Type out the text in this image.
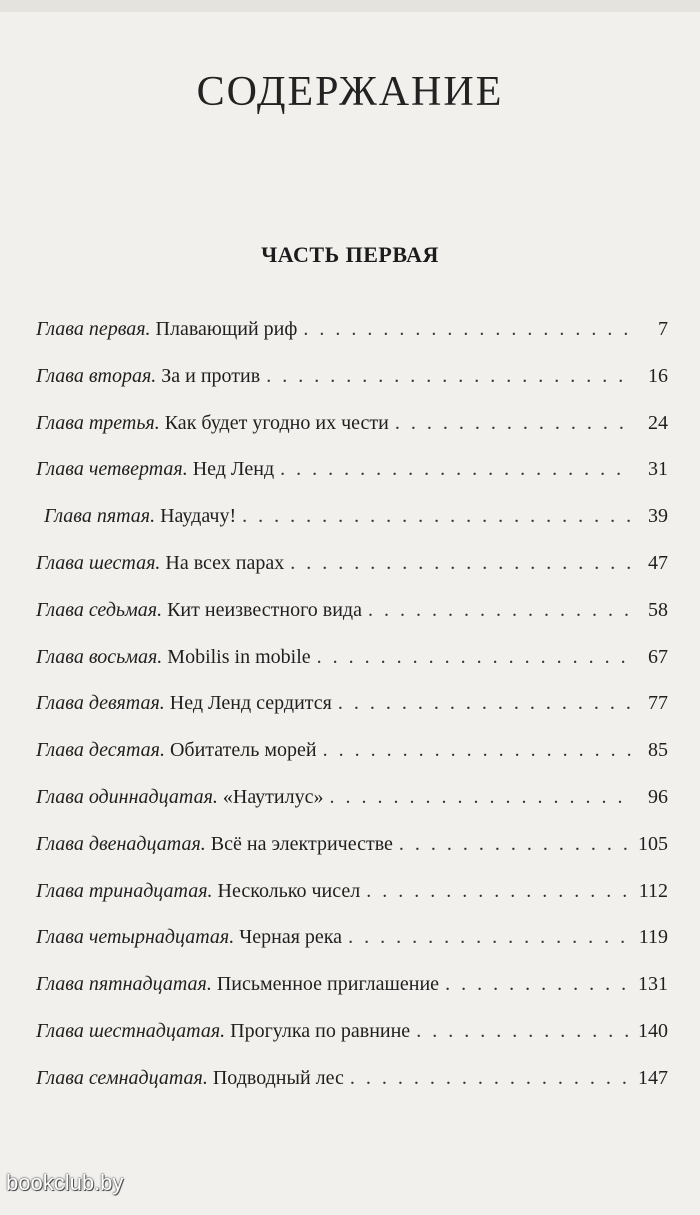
СОДЕРЖАНИЕ
ЧАСТЬ ПЕРВАЯ
Глава первая. Плавающий риф . . .	7
Глава вторая. За и против . . .	16
Глава третья. Как будет угодно их чести . . .	24
Глава четвертая. Нед Ленд . . .	31
Глава пятая. Наудачу! . . .	39
Глава шестая. На всех парах . . .	47
Глава седьмая. Кит неизвестного вида . . .	58
Глава восьмая. Mobilis in mobile . . .	67
Глава девятая. Нед Ленд сердится . . .	77
Глава десятая. Обитатель морей . . .	85
Глава одиннадцатая. «Наутилус» . . .	96
Глава двенадцатая. Всё на электричестве . . .	105
Глава тринадцатая. Несколько чисел . . .	112
Глава четырнадцатая. Черная река . . .	119
Глава пятнадцатая. Письменное приглашение . . .	131
Глава шестнадцатая. Прогулка по равнине . . .	140
Глава семнадцатая. Подводный лес . . .	147
bookclub.by
